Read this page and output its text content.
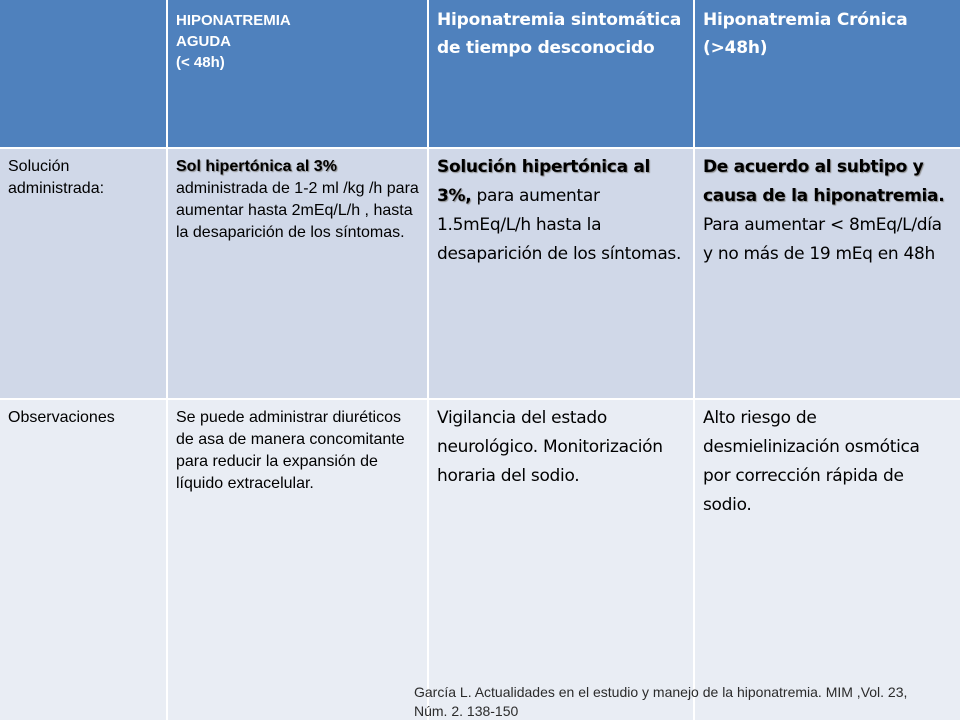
HIPONATREMIA
AGUDA
(< 48h)
Hiponatremia sintomática de tiempo desconocido
Hiponatremia Crónica (>48h)
Solución administrada:
Sol hipertónica al 3%
administrada de 1-2 ml /kg /h para aumentar hasta 2mEq/L/h , hasta la desaparición de los síntomas.
Solución hipertónica al 3%, para aumentar 1.5mEq/L/h hasta la desaparición de los síntomas.
De acuerdo al subtipo y causa de la hiponatremia. Para aumentar < 8mEq/L/día y no más de 19 mEq en 48h
Observaciones	Se puede administrar diuréticos de asa de manera concomitante para reducir la expansión de líquido extracelular.
Vigilancia del estado neurológico. Monitorización horaria del sodio.
Alto riesgo de desmielinización osmótica por corrección rápida de sodio.
García L. Actualidades en el estudio y manejo de la hiponatremia. MIM ,Vol. 23, Núm. 2. 138-150
